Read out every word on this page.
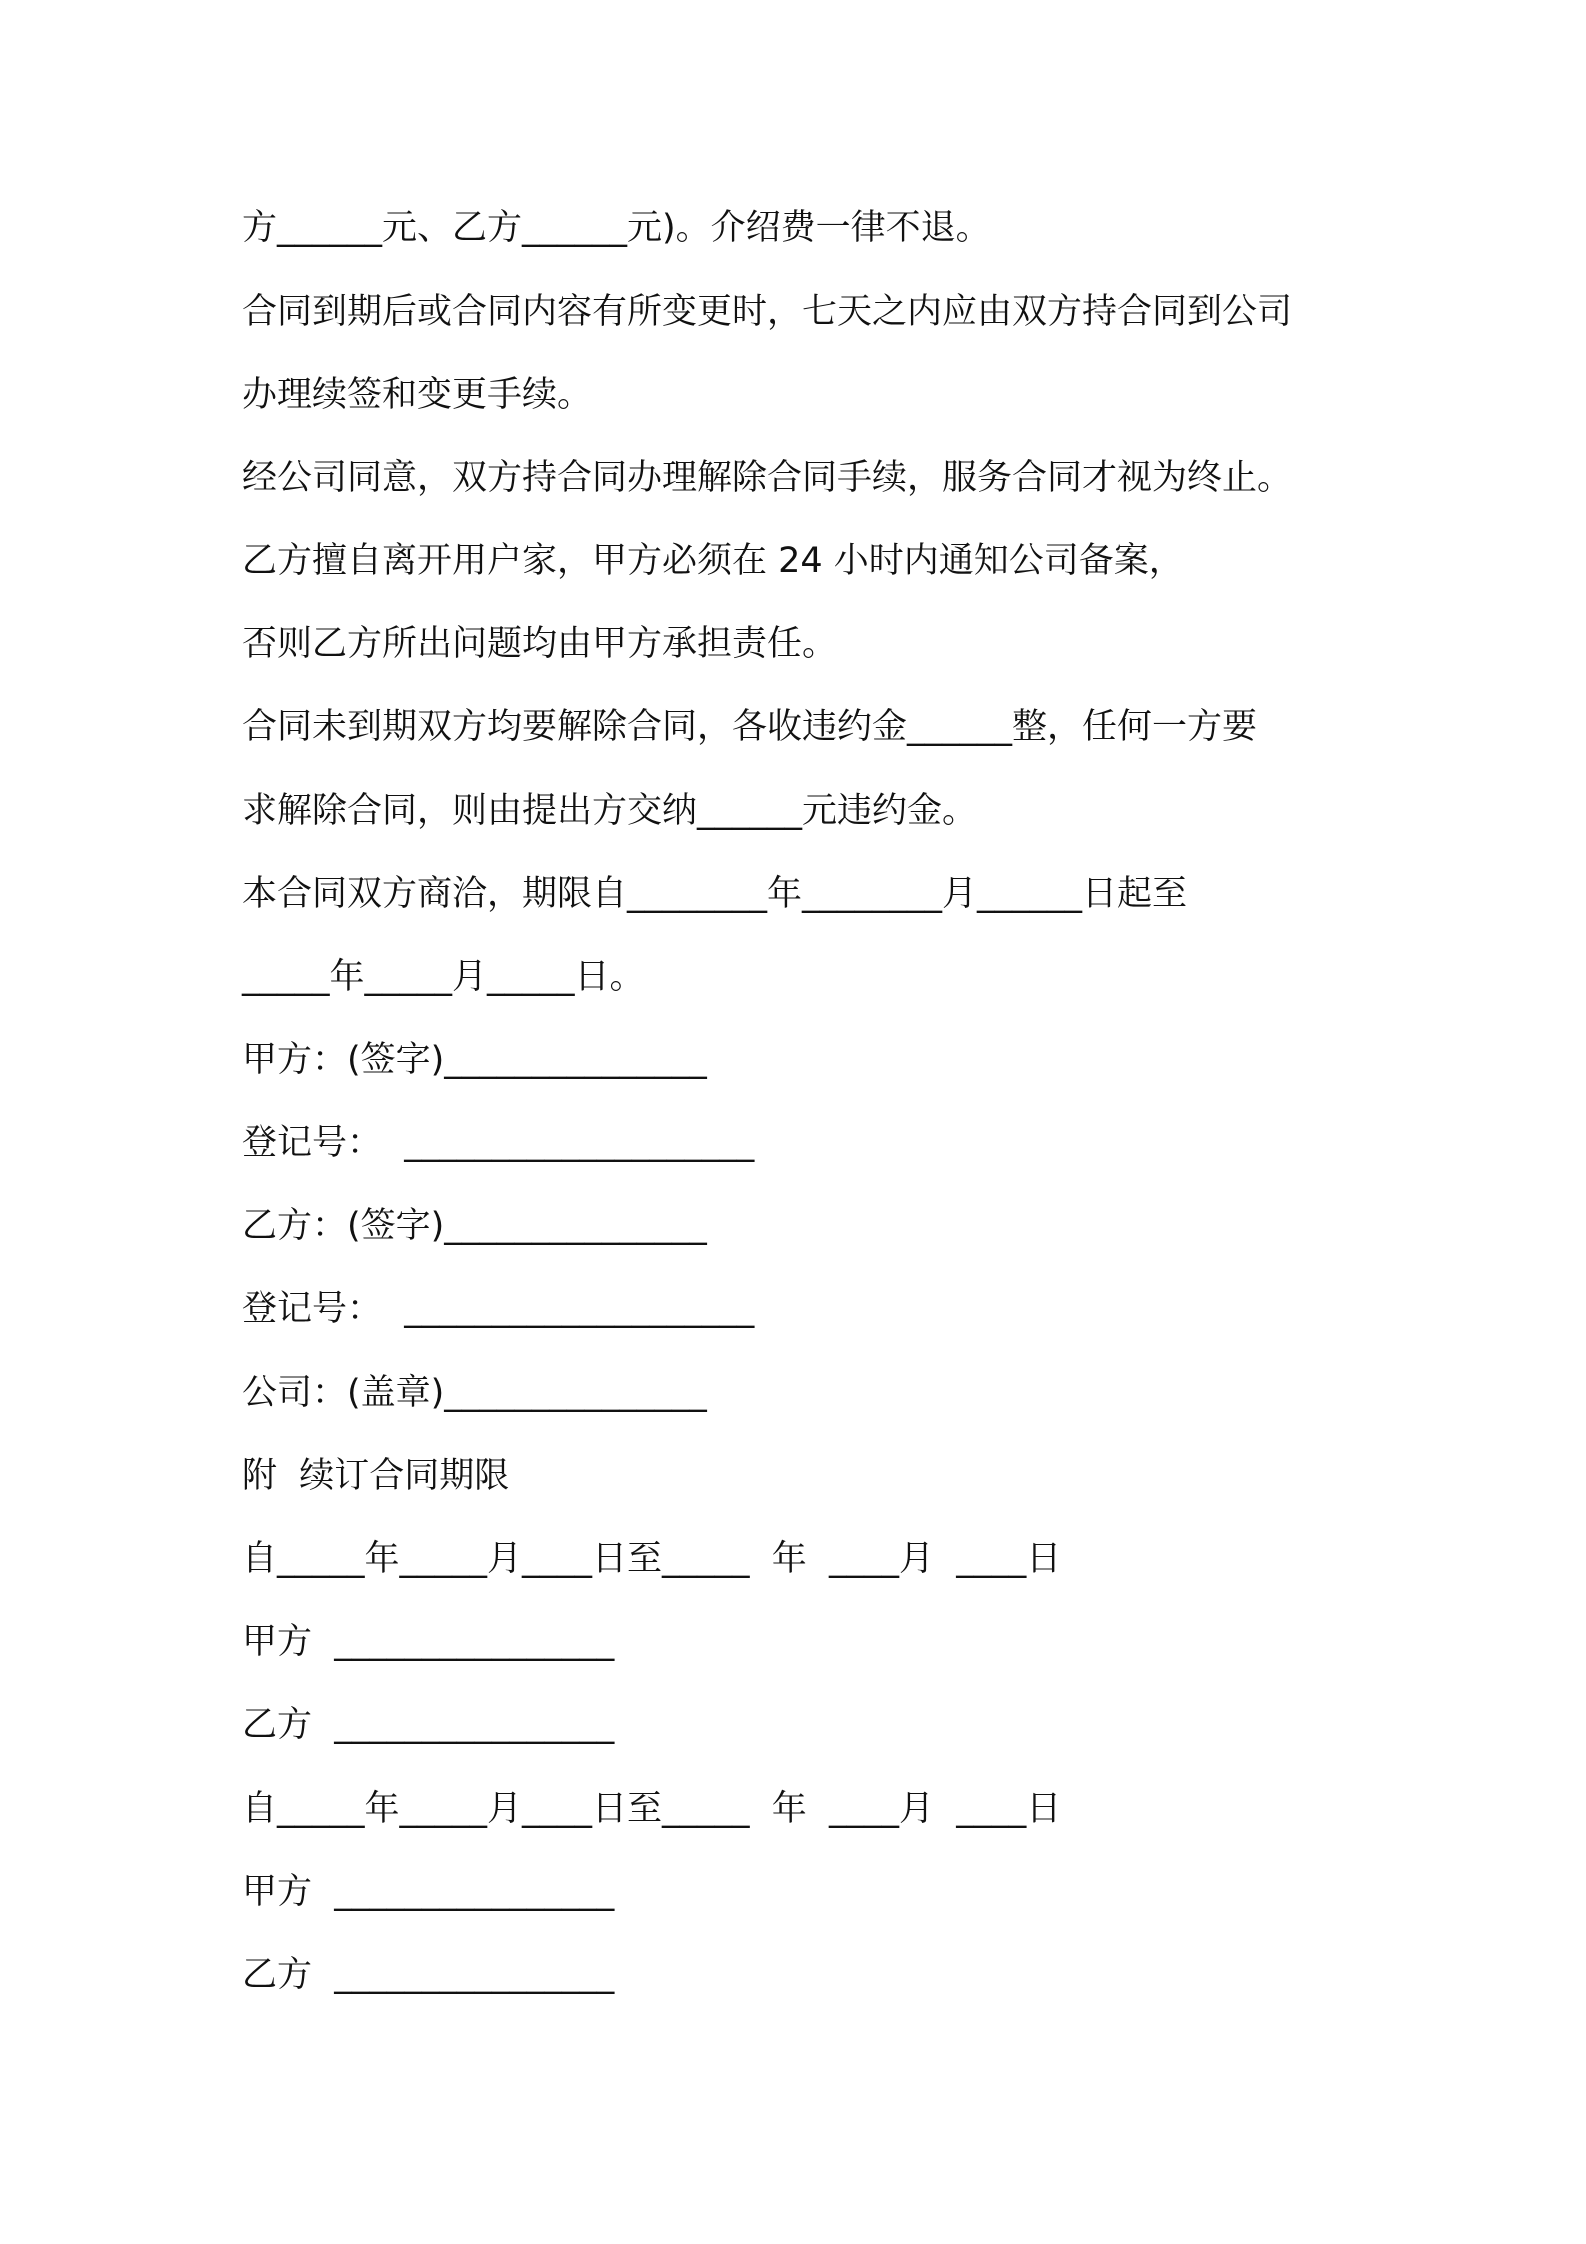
方______元、乙方______元)。介绍费一律不退。

合同到期后或合同内容有所变更时，七天之内应由双方持合同到公司

办理续签和变更手续。

经公司同意，双方持合同办理解除合同手续，服务合同才视为终止。

乙方擅自离开用户家，甲方必须在 24 小时内通知公司备案，

否则乙方所出问题均由甲方承担责任。

合同未到期双方均要解除合同，各收违约金______整，任何一方要

求解除合同，则由提出方交纳______元违约金。

本合同双方商洽，期限自________年________月______日起至

_____年_____月_____日。

甲方：(签字)_______________

登记号：  ____________________

乙方：(签字)_______________

登记号：  ____________________

公司：(盖章)_______________

附  续订合同期限

自_____年_____月____日至_____  年  ____月  ____日

甲方  ________________

乙方  ________________

自_____年_____月____日至_____  年  ____月  ____日

甲方  ________________

乙方  ________________
